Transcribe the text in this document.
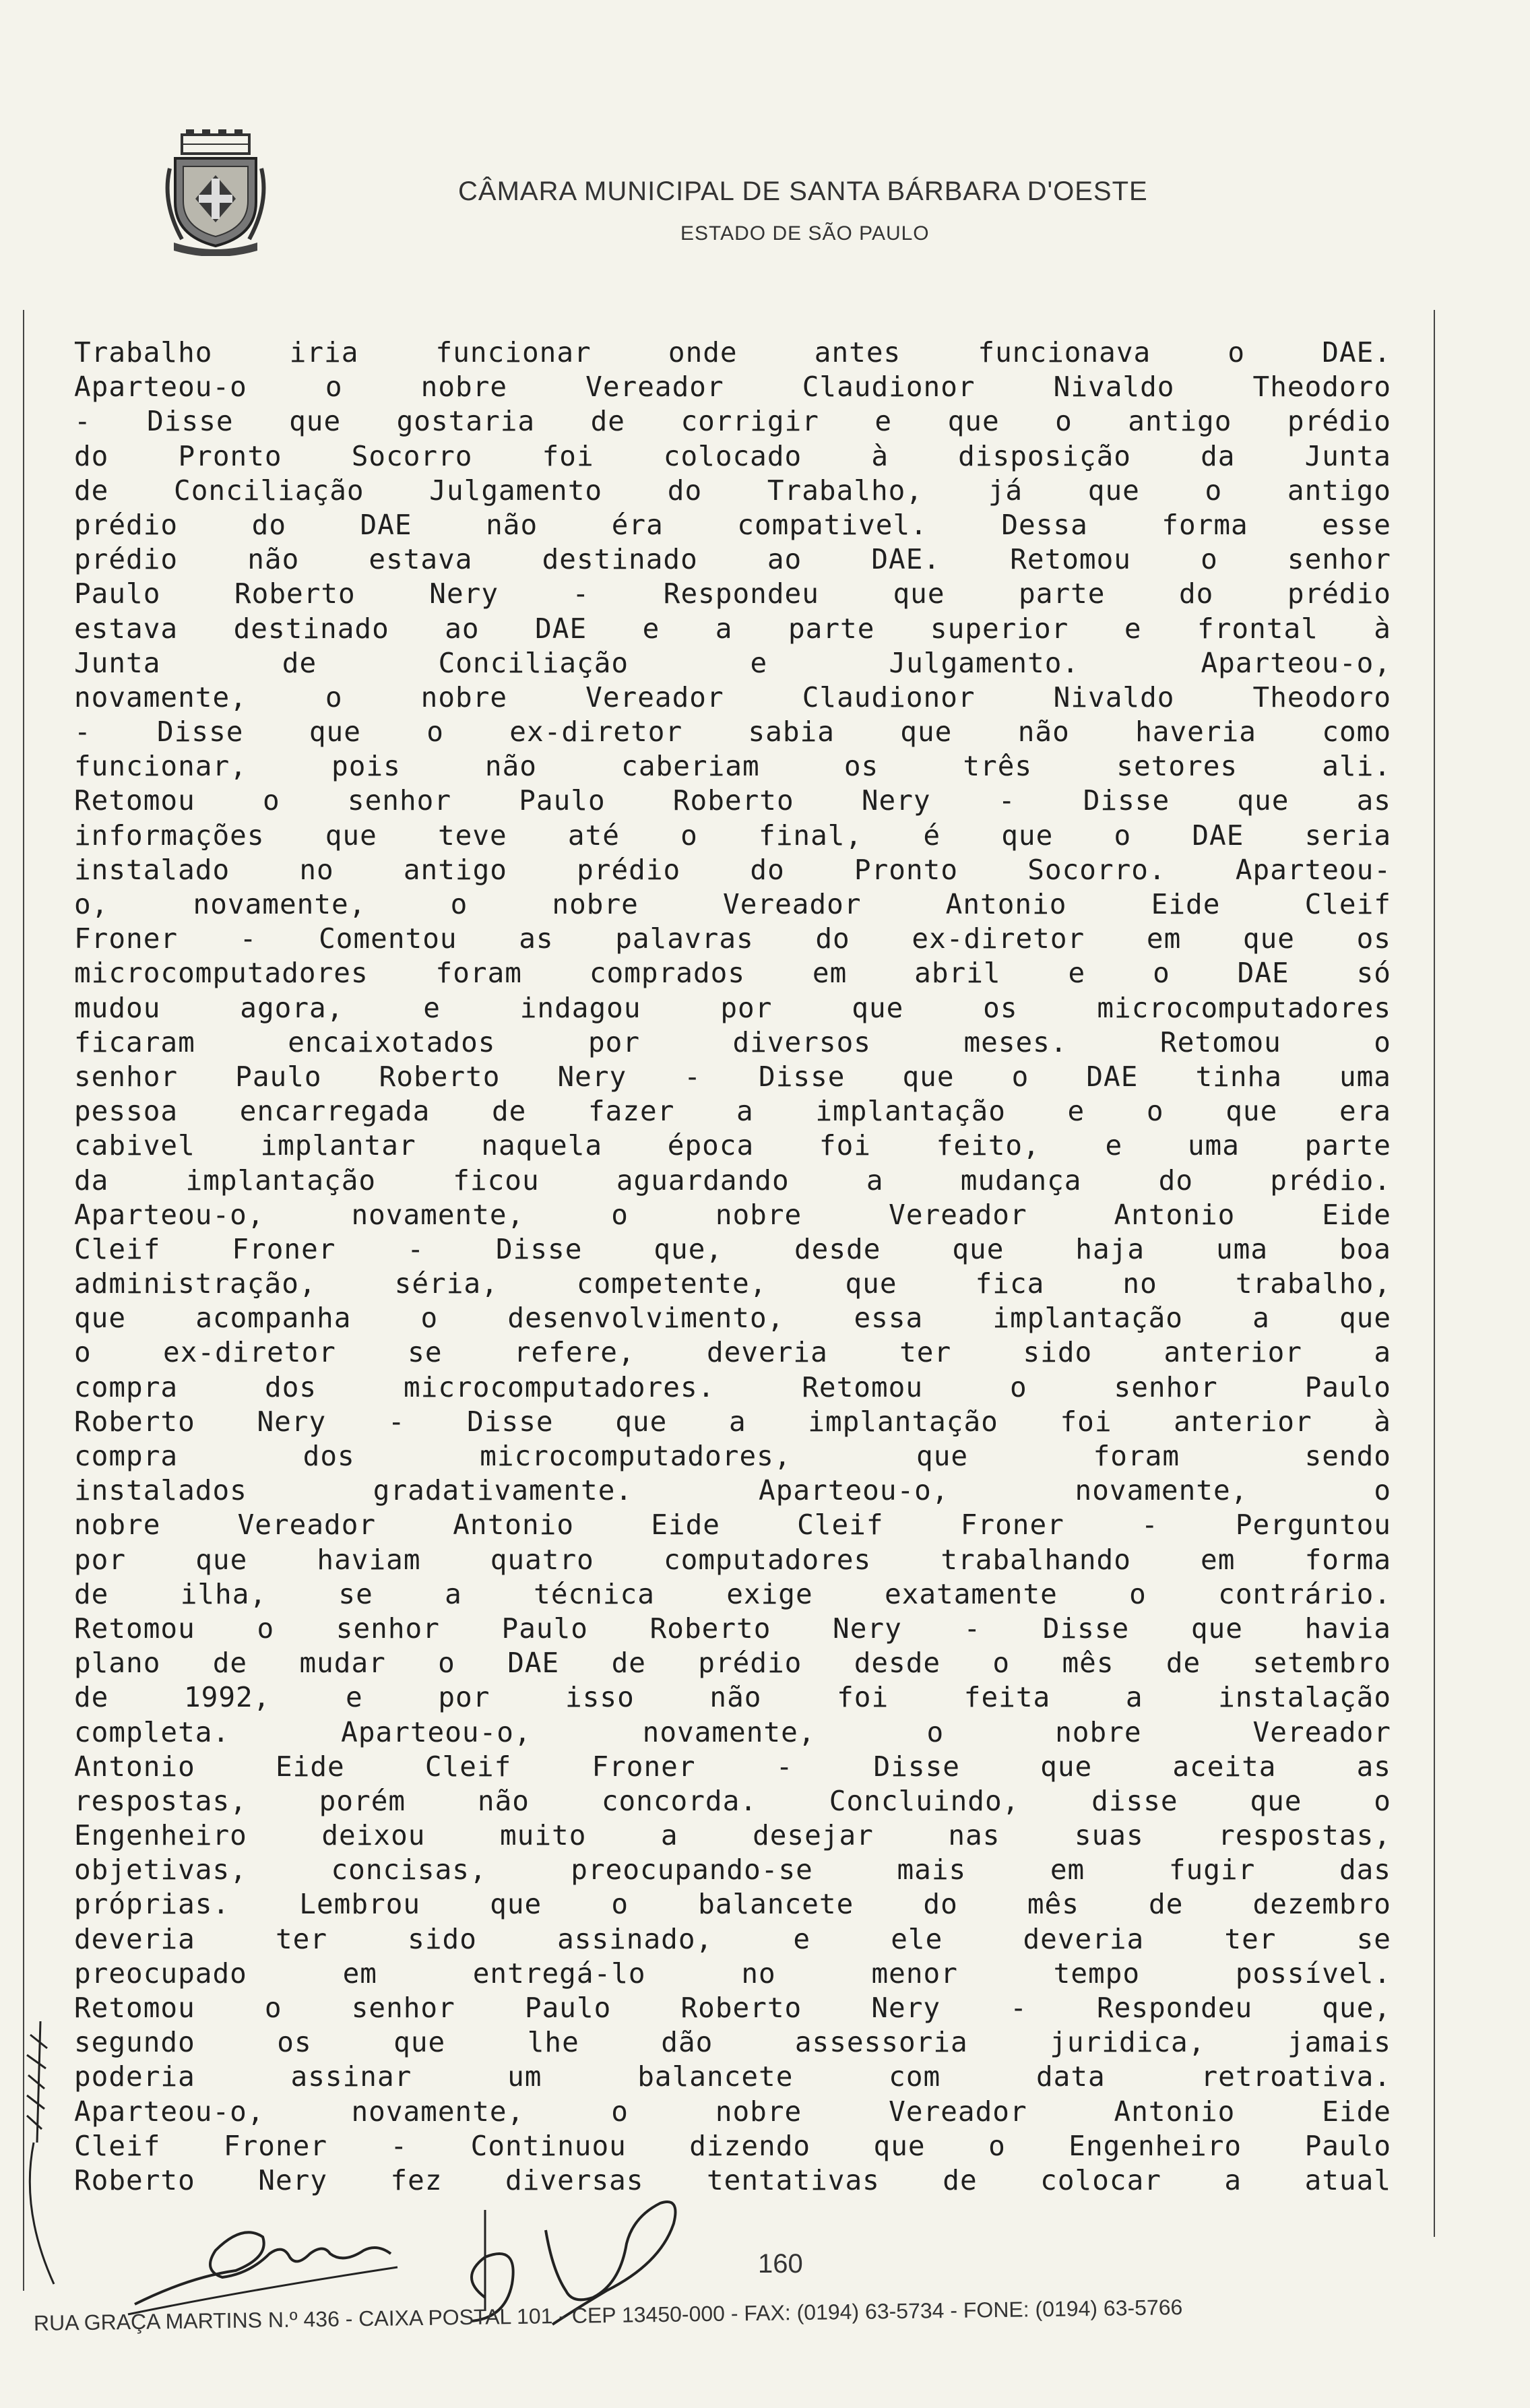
CÂMARA MUNICIPAL DE SANTA BÁRBARA D'OESTE
ESTADO DE SÃO PAULO
Trabalho iria funcionar onde antes funcionava o DAE.
Aparteou-o o nobre Vereador Claudionor Nivaldo Theodoro
- Disse que gostaria de corrigir e que o antigo prédio
do Pronto Socorro foi colocado à disposição da Junta
de Conciliação Julgamento do Trabalho, já que o antigo
prédio do DAE não éra compativel. Dessa forma esse
prédio não estava destinado ao DAE. Retomou o senhor
Paulo Roberto Nery - Respondeu que parte do prédio
estava destinado ao DAE e a parte superior e frontal à
Junta de Conciliação e Julgamento. Aparteou-o,
novamente, o nobre Vereador Claudionor Nivaldo Theodoro
- Disse que o ex-diretor sabia que não haveria como
funcionar, pois não caberiam os três setores ali.
Retomou o senhor Paulo Roberto Nery - Disse que as
informações que teve até o final, é que o DAE seria
instalado no antigo prédio do Pronto Socorro. Aparteou-
o, novamente, o nobre Vereador Antonio Eide Cleif
Froner - Comentou as palavras do ex-diretor em que os
microcomputadores foram comprados em abril e o DAE só
mudou agora, e indagou por que os microcomputadores
ficaram encaixotados por diversos meses. Retomou o
senhor Paulo Roberto Nery - Disse que o DAE tinha uma
pessoa encarregada de fazer a implantação e o que era
cabivel implantar naquela época foi feito, e uma parte
da implantação ficou aguardando a mudança do prédio.
Aparteou-o, novamente, o nobre Vereador Antonio Eide
Cleif Froner - Disse que, desde que haja uma boa
administração, séria, competente, que fica no trabalho,
que acompanha o desenvolvimento, essa implantação a que
o ex-diretor se refere, deveria ter sido anterior a
compra dos microcomputadores. Retomou o senhor Paulo
Roberto Nery - Disse que a implantação foi anterior à
compra dos microcomputadores, que foram sendo
instalados gradativamente. Aparteou-o, novamente, o
nobre Vereador Antonio Eide Cleif Froner - Perguntou
por que haviam quatro computadores trabalhando em forma
de ilha, se a técnica exige exatamente o contrário.
Retomou o senhor Paulo Roberto Nery - Disse que havia
plano de mudar o DAE de prédio desde o mês de setembro
de 1992, e por isso não foi feita a instalação
completa. Aparteou-o, novamente, o nobre Vereador
Antonio Eide Cleif Froner - Disse que aceita as
respostas, porém não concorda. Concluindo, disse que o
Engenheiro deixou muito a desejar nas suas respostas,
objetivas, concisas, preocupando-se mais em fugir das
próprias. Lembrou que o balancete do mês de dezembro
deveria ter sido assinado, e ele deveria ter se
preocupado em entregá-lo no menor tempo possível.
Retomou o senhor Paulo Roberto Nery - Respondeu que,
segundo os que lhe dão assessoria juridica, jamais
poderia assinar um balancete com data retroativa.
Aparteou-o, novamente, o nobre Vereador Antonio Eide
Cleif Froner - Continuou dizendo que o Engenheiro Paulo
Roberto Nery fez diversas tentativas de colocar a atual
160
RUA GRAÇA MARTINS N.º 436 - CAIXA POSTAL 101 - CEP 13450-000 - FAX: (0194) 63-5734 - FONE: (0194) 63-5766
